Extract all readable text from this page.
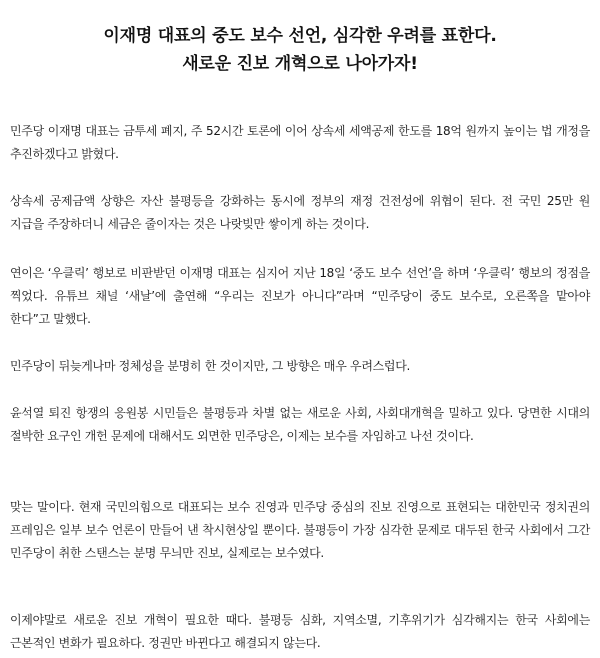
이재명 대표의 중도 보수 선언, 심각한 우려를 표한다.
새로운 진보 개혁으로 나아가자!
민주당 이재명 대표는 금투세 폐지, 주 52시간 토론에 이어 상속세 세액공제 한도를 18억 원까지 높이는 법 개정을 추진하겠다고 밝혔다.
상속세 공제금액 상향은 자산 불평등을 강화하는 동시에 정부의 재정 건전성에 위협이 된다. 전 국민 25만 원 지급을 주장하더니 세금은 줄이자는 것은 나랏빚만 쌓이게 하는 것이다.
연이은 ‘우클릭’ 행보로 비판받던 이재명 대표는 심지어 지난 18일 ‘중도 보수 선언’을 하며 ‘우클릭’ 행보의 정점을 찍었다. 유튜브 채널 ‘새날’에 출연해 “우리는 진보가 아니다”라며 “민주당이 중도 보수로, 오른쪽을 맡아야 한다”고 말했다.
민주당이 뒤늦게나마 정체성을 분명히 한 것이지만, 그 방향은 매우 우려스럽다.
윤석열 퇴진 항쟁의 응원봉 시민들은 불평등과 차별 없는 새로운 사회, 사회대개혁을 밀하고 있다. 당면한 시대의 절박한 요구인 개헌 문제에 대해서도 외면한 민주당은, 이제는 보수를 자임하고 나선 것이다.
맞는 말이다. 현재 국민의힘으로 대표되는 보수 진영과 민주당 중심의 진보 진영으로 표현되는 대한민국 정치권의 프레임은 일부 보수 언론이 만들어 낸 착시현상일 뿐이다. 불평등이 가장 심각한 문제로 대두된 한국 사회에서 그간 민주당이 취한 스탠스는 분명 무늬만 진보, 실제로는 보수였다.
이제야말로 새로운 진보 개혁이 필요한 때다. 불평등 심화, 지역소멸, 기후위기가 심각해지는 한국 사회에는 근본적인 변화가 필요하다. 정권만 바뀐다고 해결되지 않는다.
